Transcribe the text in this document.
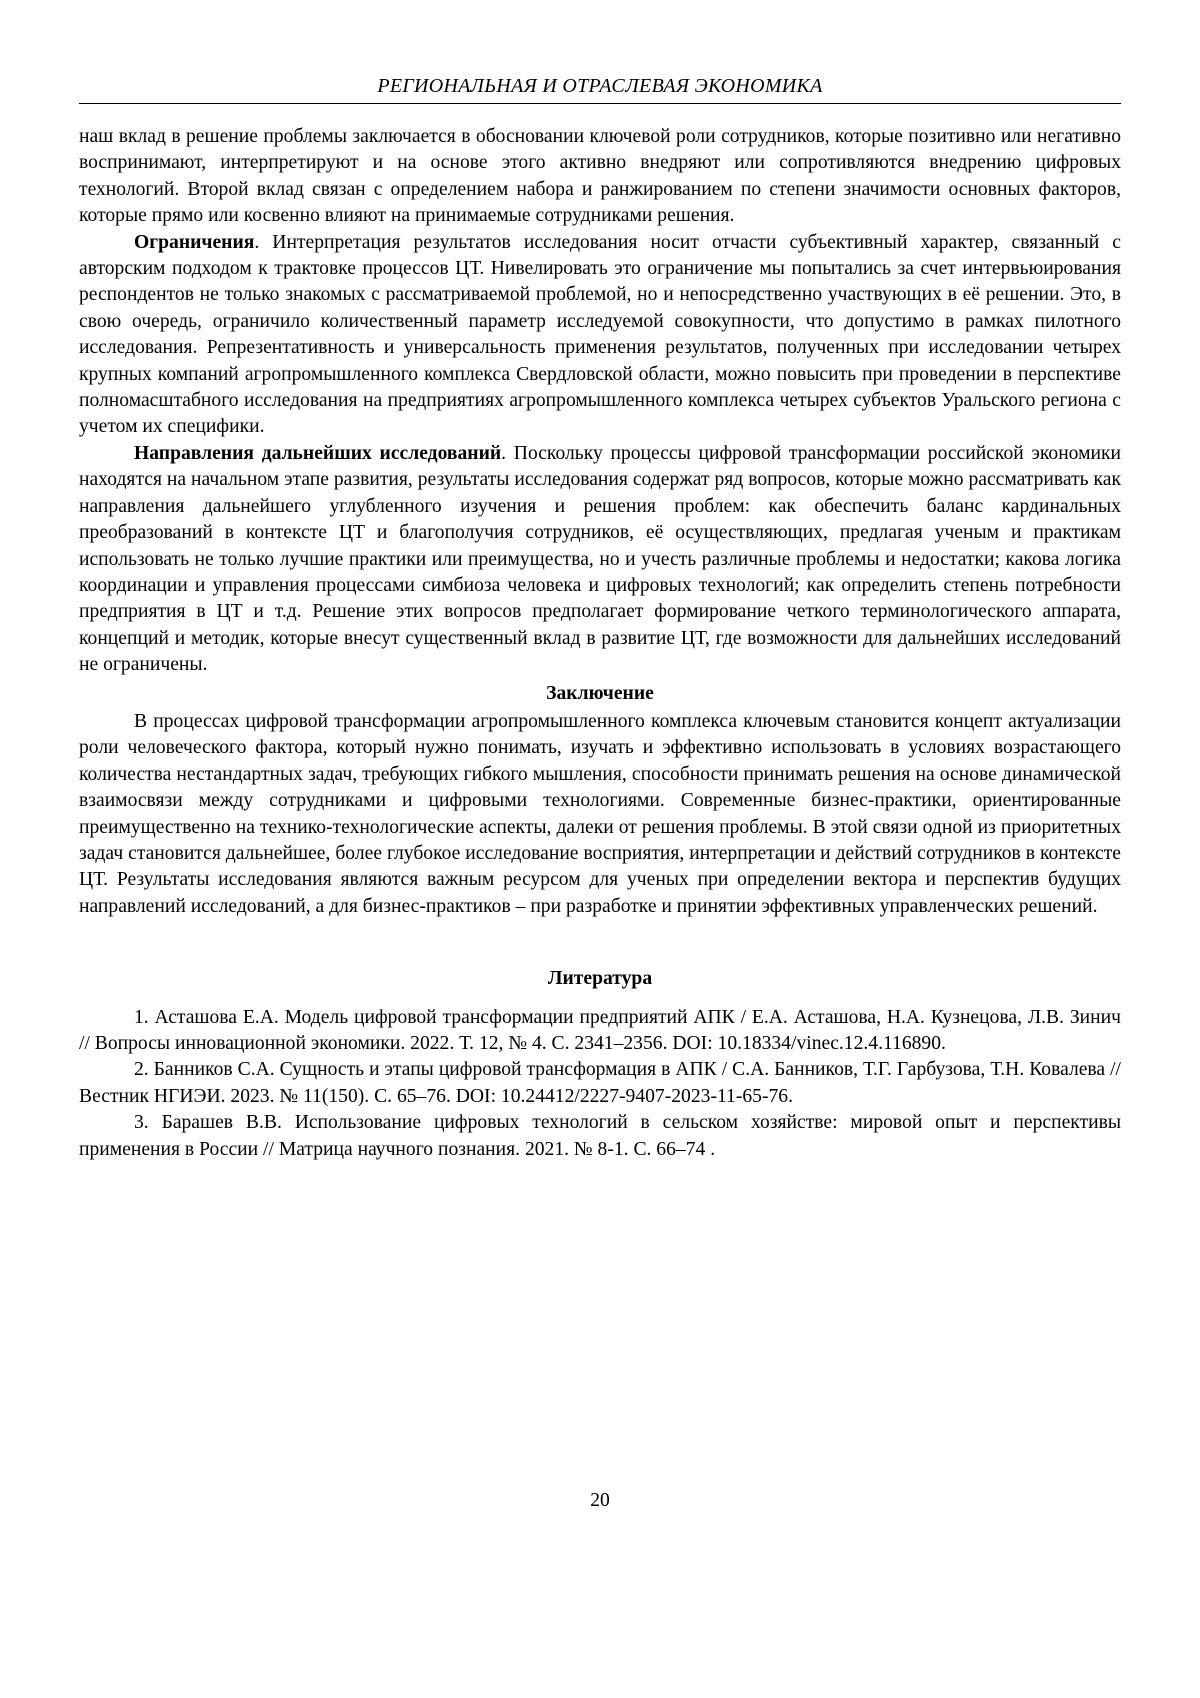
РЕГИОНАЛЬНАЯ И ОТРАСЛЕВАЯ ЭКОНОМИКА

наш вклад в решение проблемы заключается в обосновании ключевой роли сотрудников, которые позитивно или негативно воспринимают, интерпретируют и на основе этого активно внедряют или сопротивляются внедрению цифровых технологий. Второй вклад связан с определением набора и ранжированием по степени значимости основных факторов, которые прямо или косвенно влияют на принимаемые сотрудниками решения.

Ограничения. Интерпретация результатов исследования носит отчасти субъективный характер, связанный с авторским подходом к трактовке процессов ЦТ. Нивелировать это ограничение мы попытались за счет интервьюирования респондентов не только знакомых с рассматриваемой проблемой, но и непосредственно участвующих в её решении. Это, в свою очередь, ограничило количественный параметр исследуемой совокупности, что допустимо в рамках пилотного исследования. Репрезентативность и универсальность применения результатов, полученных при исследовании четырех крупных компаний агропромышленного комплекса Свердловской области, можно повысить при проведении в перспективе полномасштабного исследования на предприятиях агропромышленного комплекса четырех субъектов Уральского региона с учетом их специфики.

Направления дальнейших исследований. Поскольку процессы цифровой трансформации российской экономики находятся на начальном этапе развития, результаты исследования содержат ряд вопросов, которые можно рассматривать как направления дальнейшего углубленного изучения и решения проблем: как обеспечить баланс кардинальных преобразований в контексте ЦТ и благополучия сотрудников, её осуществляющих, предлагая ученым и практикам использовать не только лучшие практики или преимущества, но и учесть различные проблемы и недостатки; какова логика координации и управления процессами симбиоза человека и цифровых технологий; как определить степень потребности предприятия в ЦТ и т.д. Решение этих вопросов предполагает формирование четкого терминологического аппарата, концепций и методик, которые внесут существенный вклад в развитие ЦТ, где возможности для дальнейших исследований не ограничены.

Заключение

В процессах цифровой трансформации агропромышленного комплекса ключевым становится концепт актуализации роли человеческого фактора, который нужно понимать, изучать и эффективно использовать в условиях возрастающего количества нестандартных задач, требующих гибкого мышления, способности принимать решения на основе динамической взаимосвязи между сотрудниками и цифровыми технологиями. Современные бизнес-практики, ориентированные преимущественно на технико-технологические аспекты, далеки от решения проблемы. В этой связи одной из приоритетных задач становится дальнейшее, более глубокое исследование восприятия, интерпретации и действий сотрудников в контексте ЦТ. Результаты исследования являются важным ресурсом для ученых при определении вектора и перспектив будущих направлений исследований, а для бизнес-практиков – при разработке и принятии эффективных управленческих решений.

Литература

1. Асташова Е.А. Модель цифровой трансформации предприятий АПК / Е.А. Асташова, Н.А. Кузнецова, Л.В. Зинич // Вопросы инновационной экономики. 2022. Т. 12, № 4. С. 2341–2356. DOI: 10.18334/vinec.12.4.116890.

2. Банников С.А. Сущность и этапы цифровой трансформация в АПК / С.А. Банников, Т.Г. Гарбузова, Т.Н. Ковалева // Вестник НГИЭИ. 2023. № 11(150). С. 65–76. DOI: 10.24412/2227-9407-2023-11-65-76.

3. Барашев В.В. Использование цифровых технологий в сельском хозяйстве: мировой опыт и перспективы применения в России // Матрица научного познания. 2021. № 8-1. С. 66–74 .

20
